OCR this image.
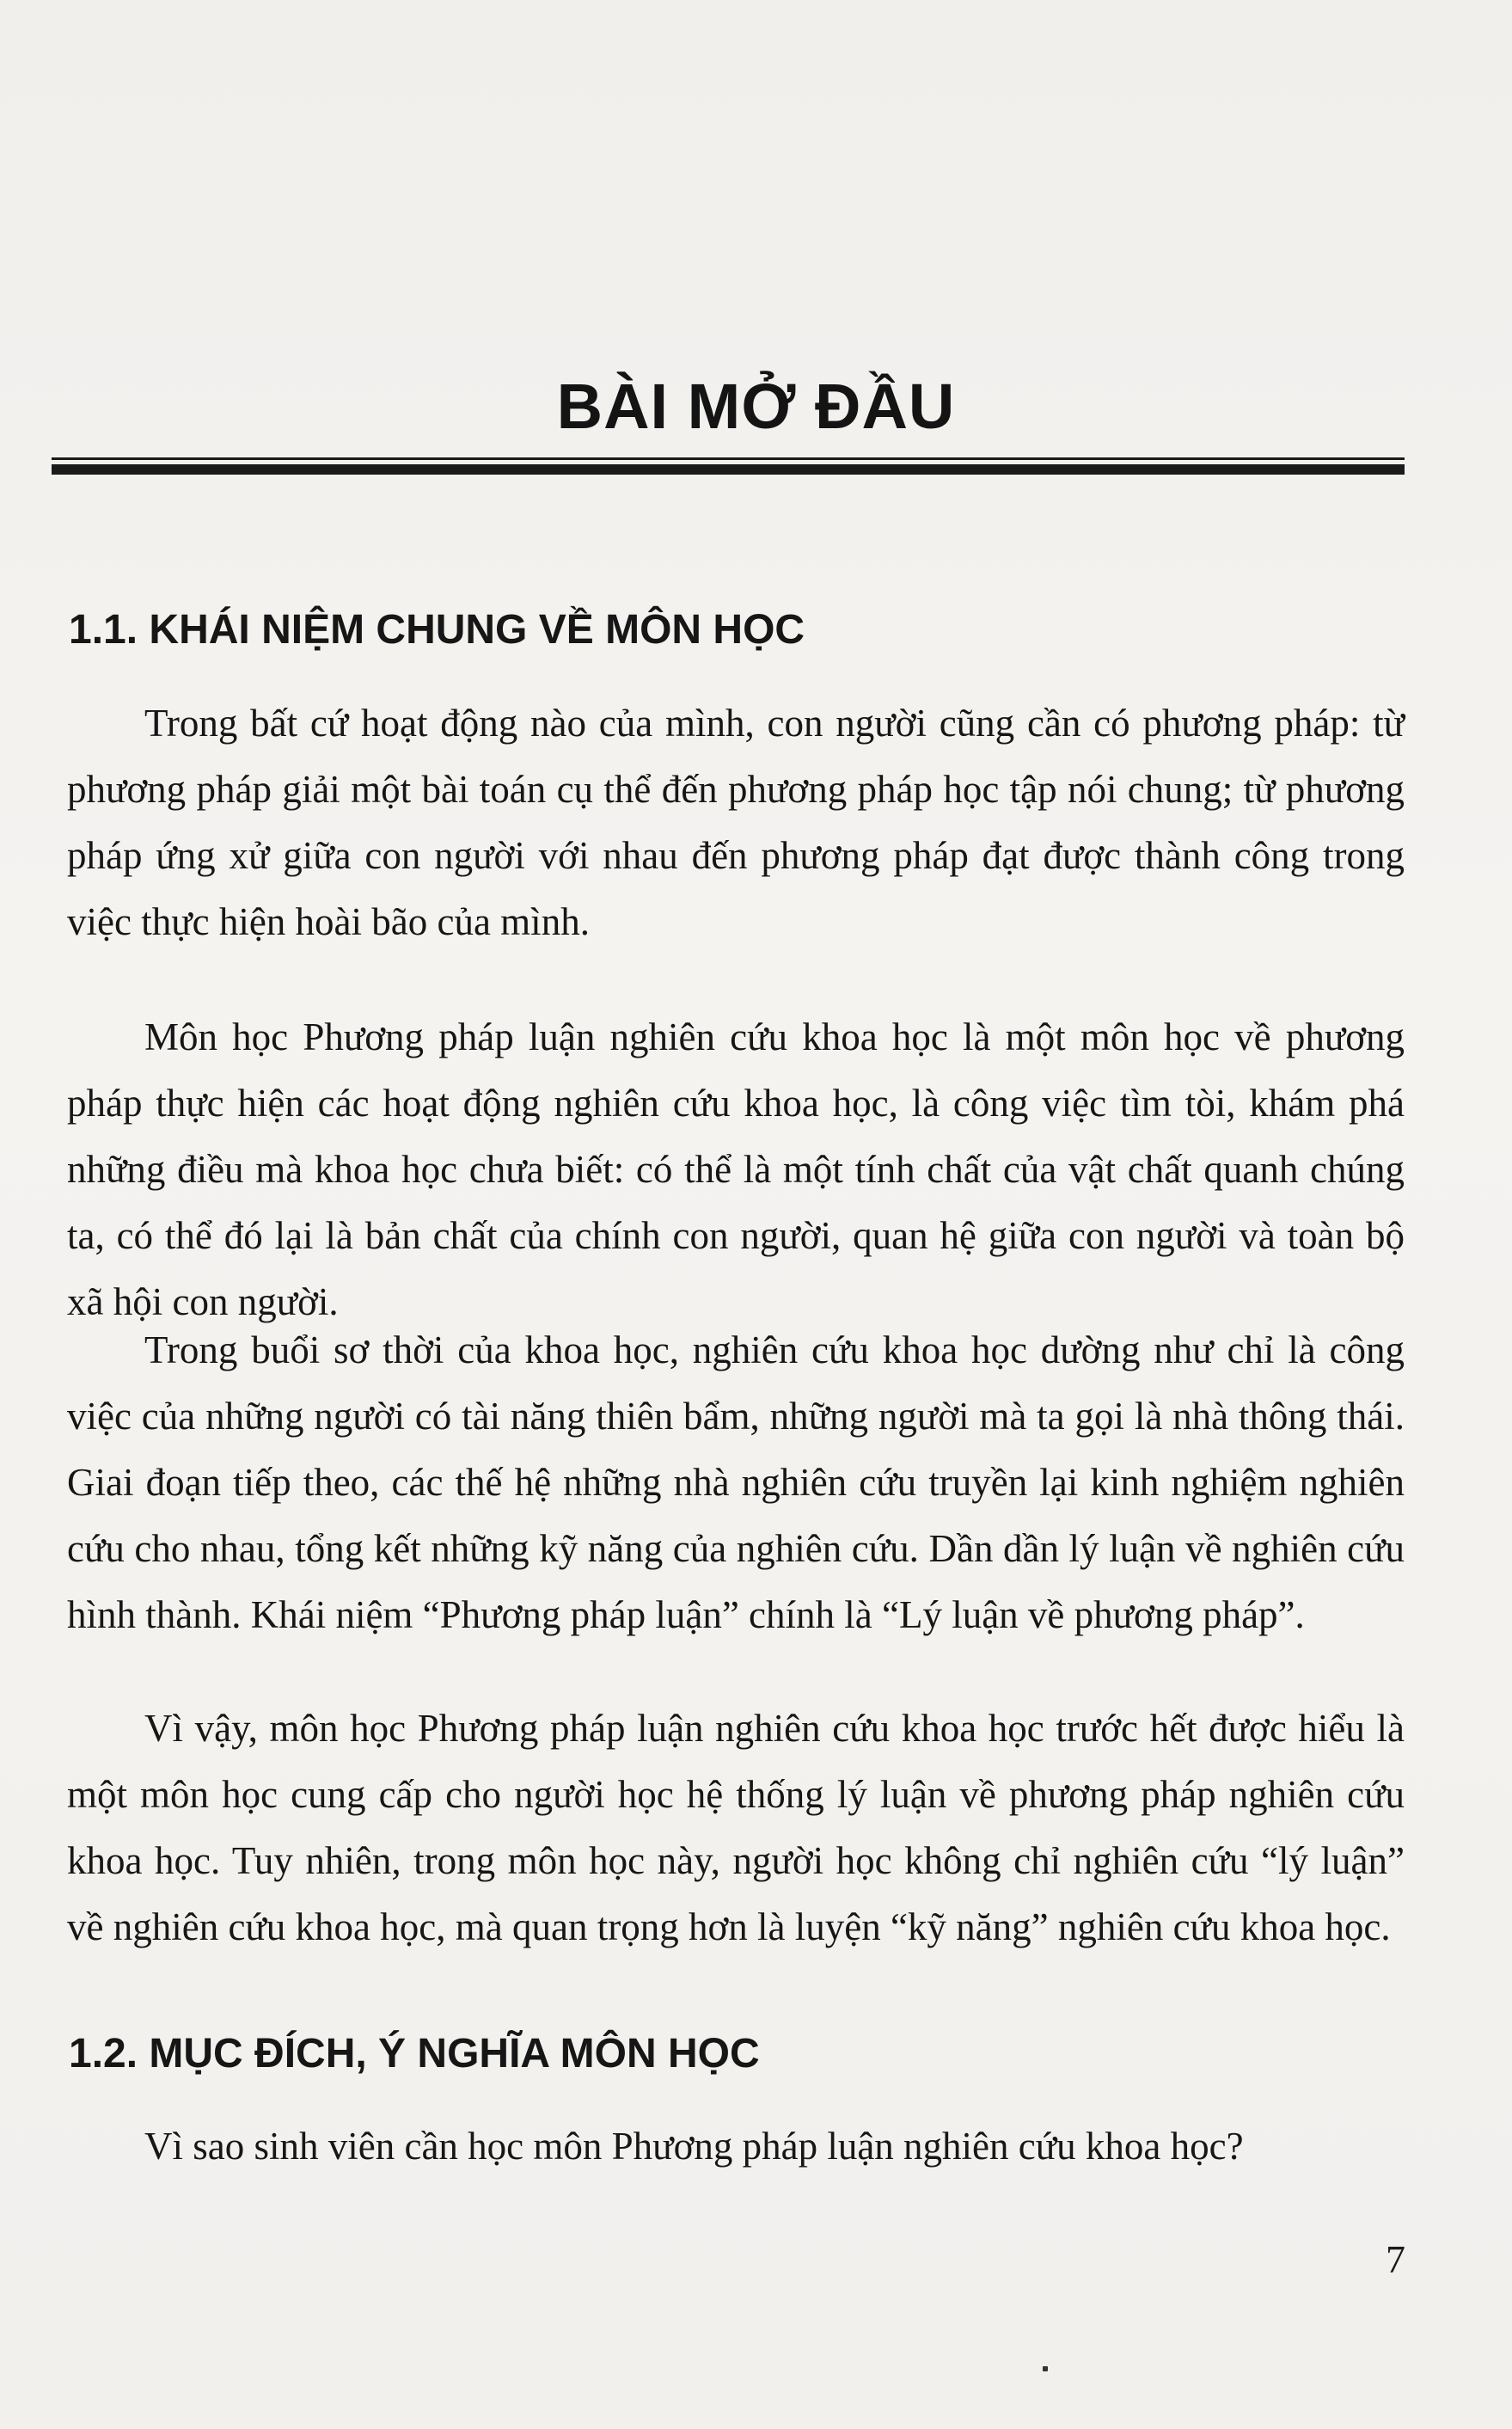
BÀI MỞ ĐẦU
1.1. KHÁI NIỆM CHUNG VỀ MÔN HỌC

Trong bất cứ hoạt động nào của mình, con người cũng cần có phương pháp: từ phương pháp giải một bài toán cụ thể đến phương pháp học tập nói chung; từ phương pháp ứng xử giữa con người với nhau đến phương pháp đạt được thành công trong việc thực hiện hoài bão của mình.

Môn học Phương pháp luận nghiên cứu khoa học là một môn học về phương pháp thực hiện các hoạt động nghiên cứu khoa học, là công việc tìm tòi, khám phá những điều mà khoa học chưa biết: có thể là một tính chất của vật chất quanh chúng ta, có thể đó lại là bản chất của chính con người, quan hệ giữa con người và toàn bộ xã hội con người.

Trong buổi sơ thời của khoa học, nghiên cứu khoa học dường như chỉ là công việc của những người có tài năng thiên bẩm, những người mà ta gọi là nhà thông thái. Giai đoạn tiếp theo, các thế hệ những nhà nghiên cứu truyền lại kinh nghiệm nghiên cứu cho nhau, tổng kết những kỹ năng của nghiên cứu. Dần dần lý luận về nghiên cứu hình thành. Khái niệm “Phương pháp luận” chính là “Lý luận về phương pháp”.

Vì vậy, môn học Phương pháp luận nghiên cứu khoa học trước hết được hiểu là một môn học cung cấp cho người học hệ thống lý luận về phương pháp nghiên cứu khoa học. Tuy nhiên, trong môn học này, người học không chỉ nghiên cứu “lý luận” về nghiên cứu khoa học, mà quan trọng hơn là luyện “kỹ năng” nghiên cứu khoa học.

1.2. MỤC ĐÍCH, Ý NGHĨA MÔN HỌC

Vì sao sinh viên cần học môn Phương pháp luận nghiên cứu khoa học?

7
